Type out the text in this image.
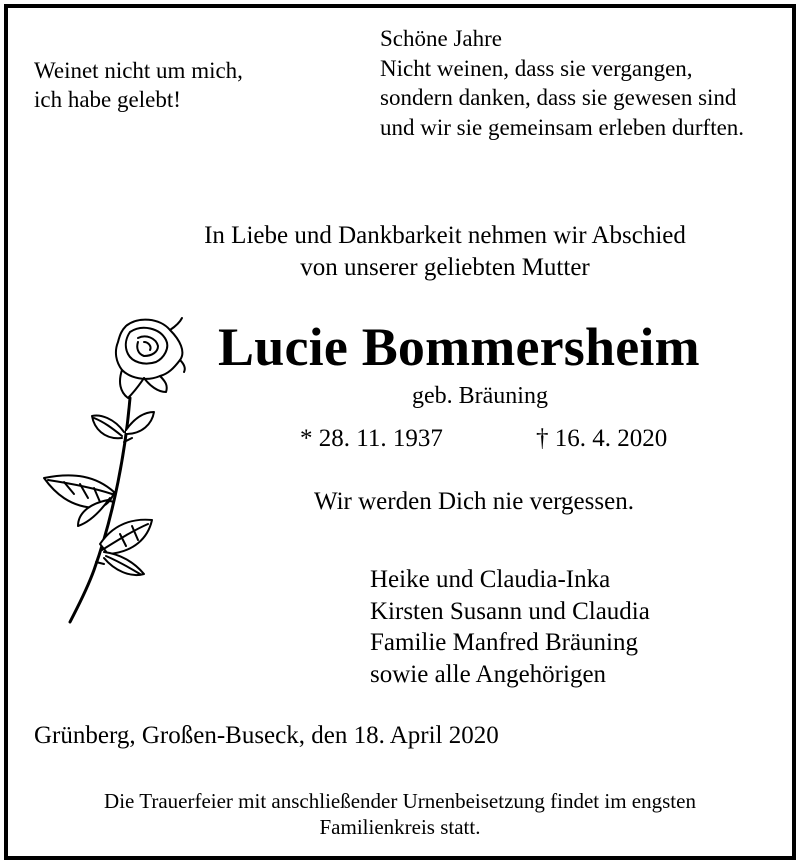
Weinet nicht um mich,
ich habe gelebt!
Schöne Jahre
Nicht weinen, dass sie vergangen,
sondern danken, dass sie gewesen sind
und wir sie gemeinsam erleben durften.
In Liebe und Dankbarkeit nehmen wir Abschied
von unserer geliebten Mutter
Lucie Bommersheim
geb. Bräuning
* 28. 11. 1937	† 16. 4. 2020
Wir werden Dich nie vergessen.
Heike und Claudia-Inka
Kirsten Susann und Claudia
Familie Manfred Bräuning
sowie alle Angehörigen
Grünberg, Großen-Buseck, den 18. April 2020
Die Trauerfeier mit anschließender Urnenbeisetzung findet im engsten
Familienkreis statt.
